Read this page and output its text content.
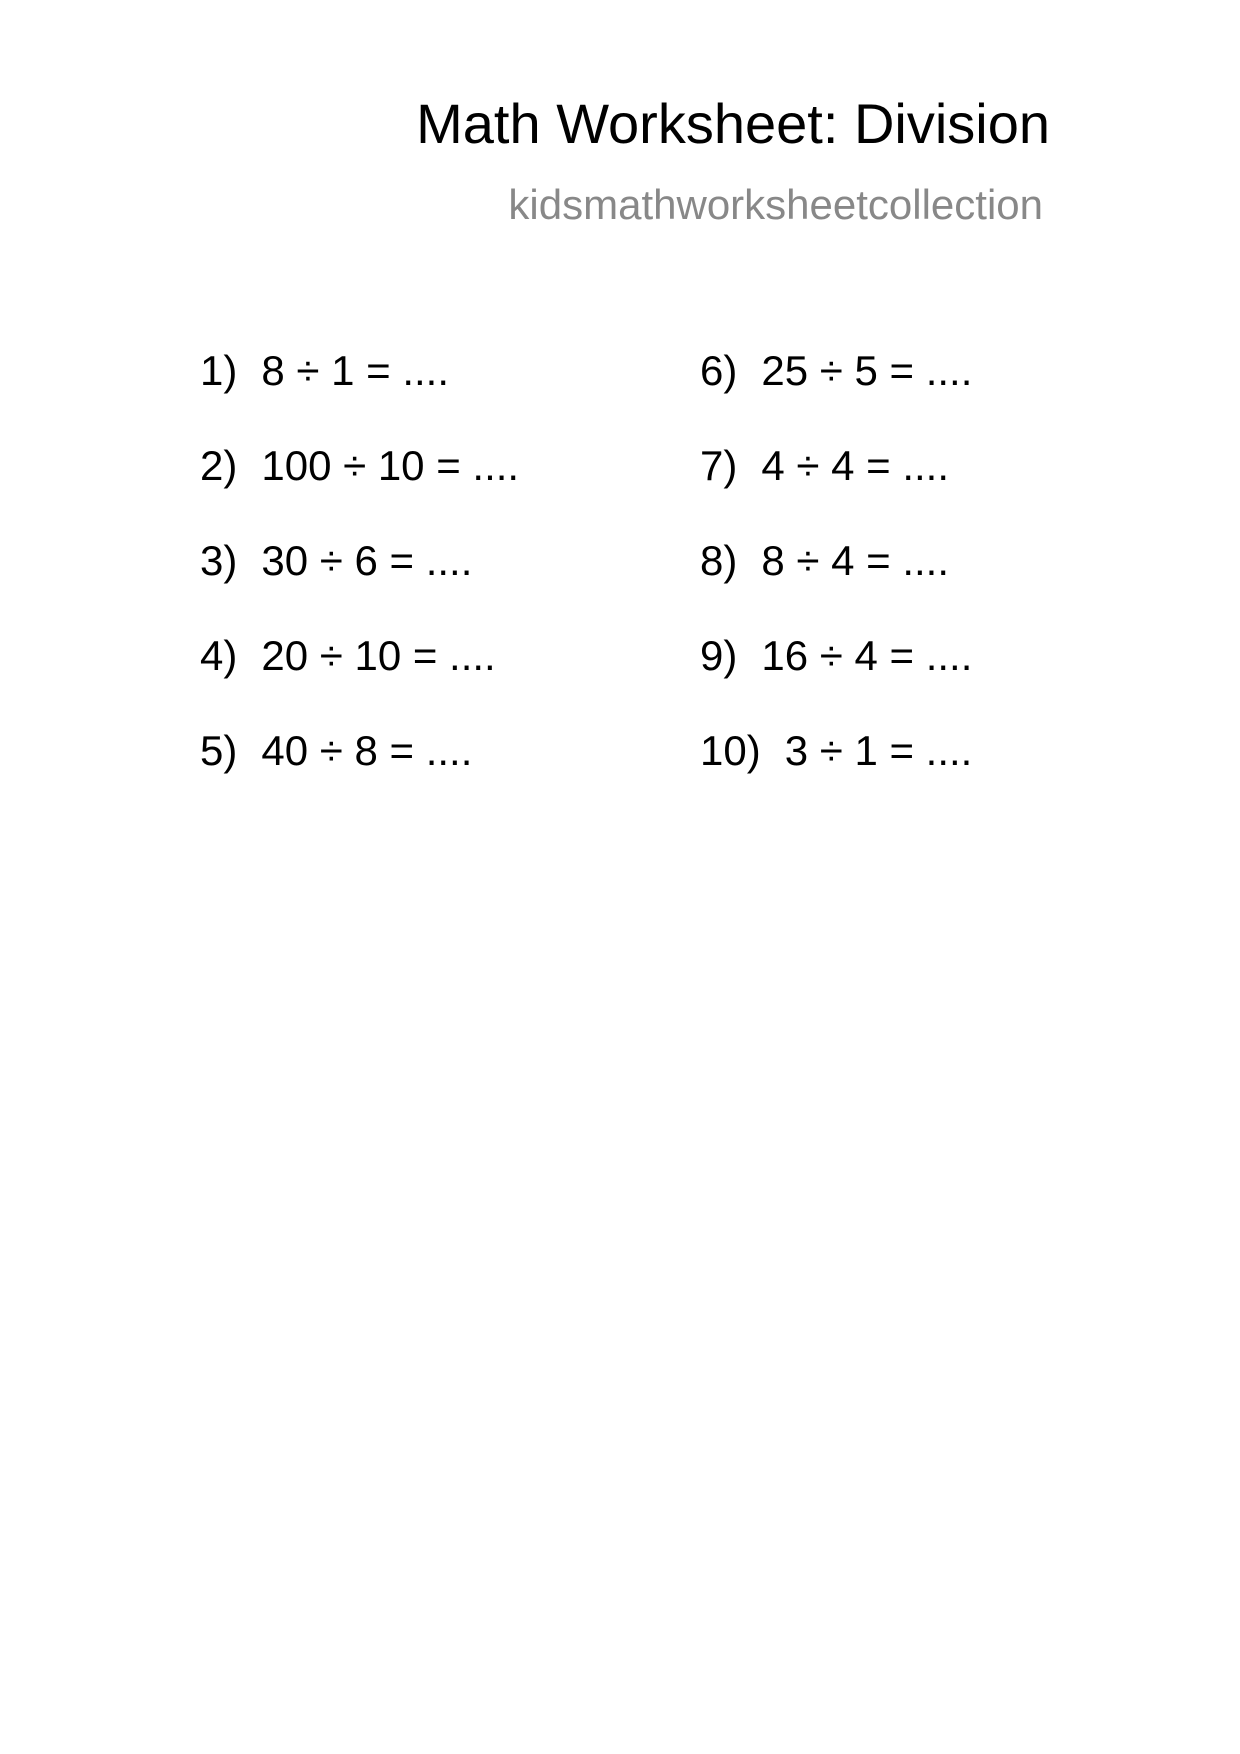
Math Worksheet: Division
kidsmathworksheetcollection
1) 8 ÷ 1 = ....
2) 100 ÷ 10 = ....
3) 30 ÷ 6 = ....
4) 20 ÷ 10 = ....
5) 40 ÷ 8 = ....
6) 25 ÷ 5 = ....
7) 4 ÷ 4 = ....
8) 8 ÷ 4 = ....
9) 16 ÷ 4 = ....
10) 3 ÷ 1 = ....
